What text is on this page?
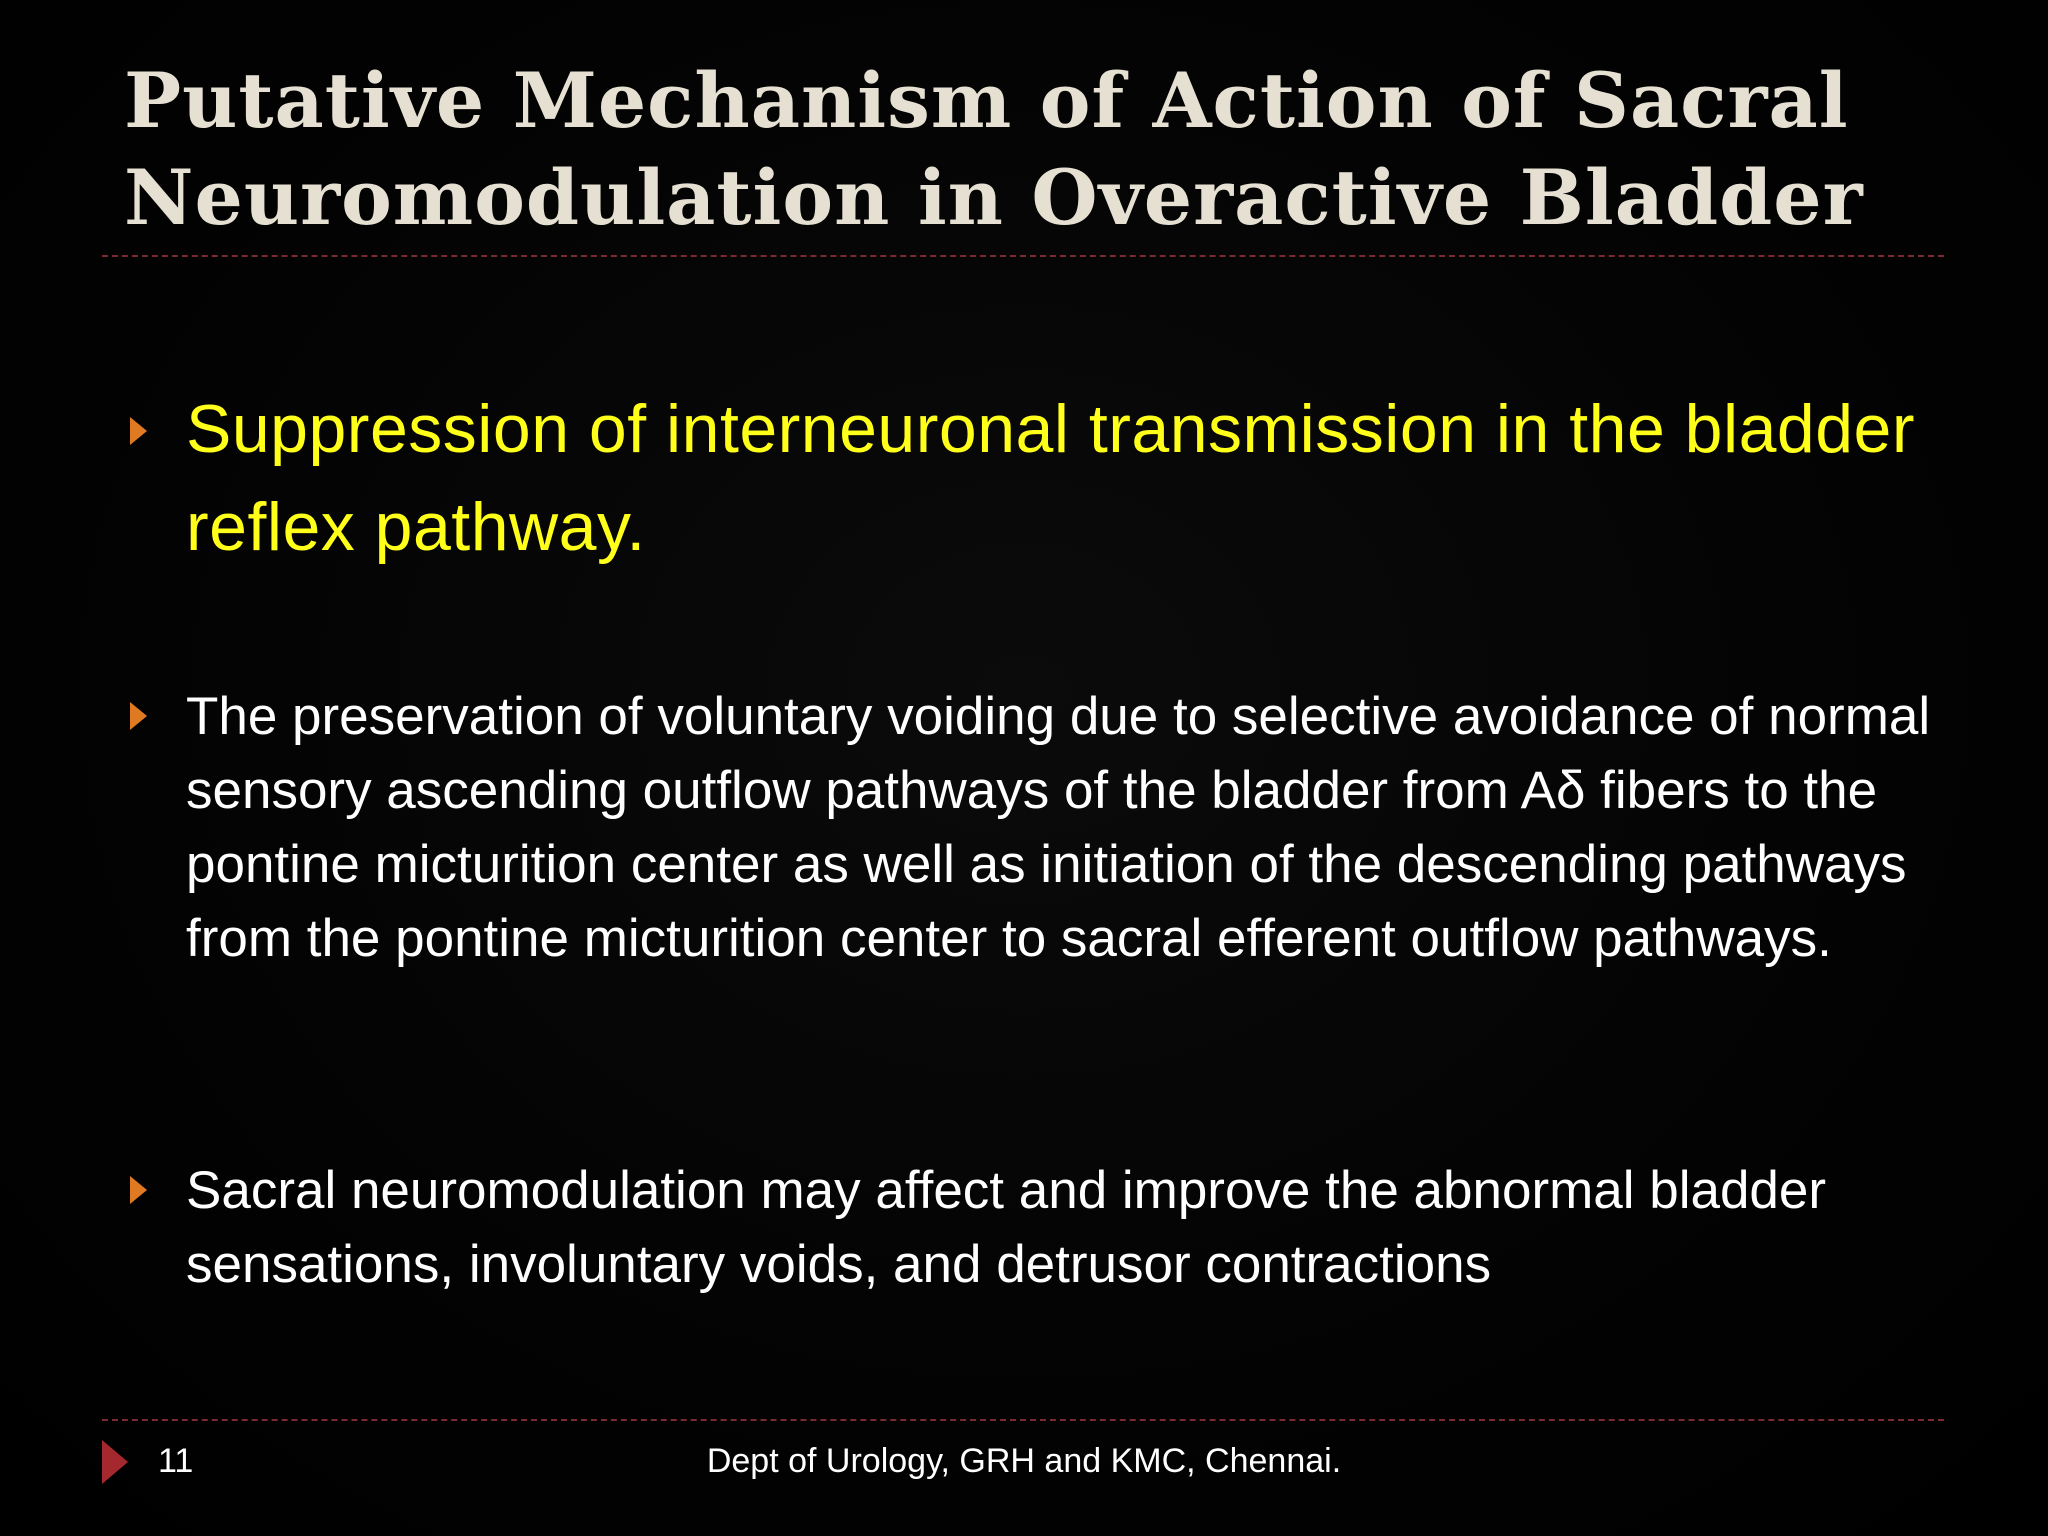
Putative Mechanism of Action of Sacral
Neuromodulation in Overactive Bladder
Suppression of interneuronal transmission in the bladder reflex pathway.
The preservation of voluntary voiding due to selective avoidance of normal sensory ascending outflow pathways of the bladder from Aδ fibers to the pontine micturition center as well as initiation of the descending pathways from the pontine micturition center to sacral efferent outflow pathways.
Sacral neuromodulation may affect and improve the abnormal bladder sensations, involuntary voids, and detrusor contractions
11	Dept of Urology, GRH and KMC, Chennai.
